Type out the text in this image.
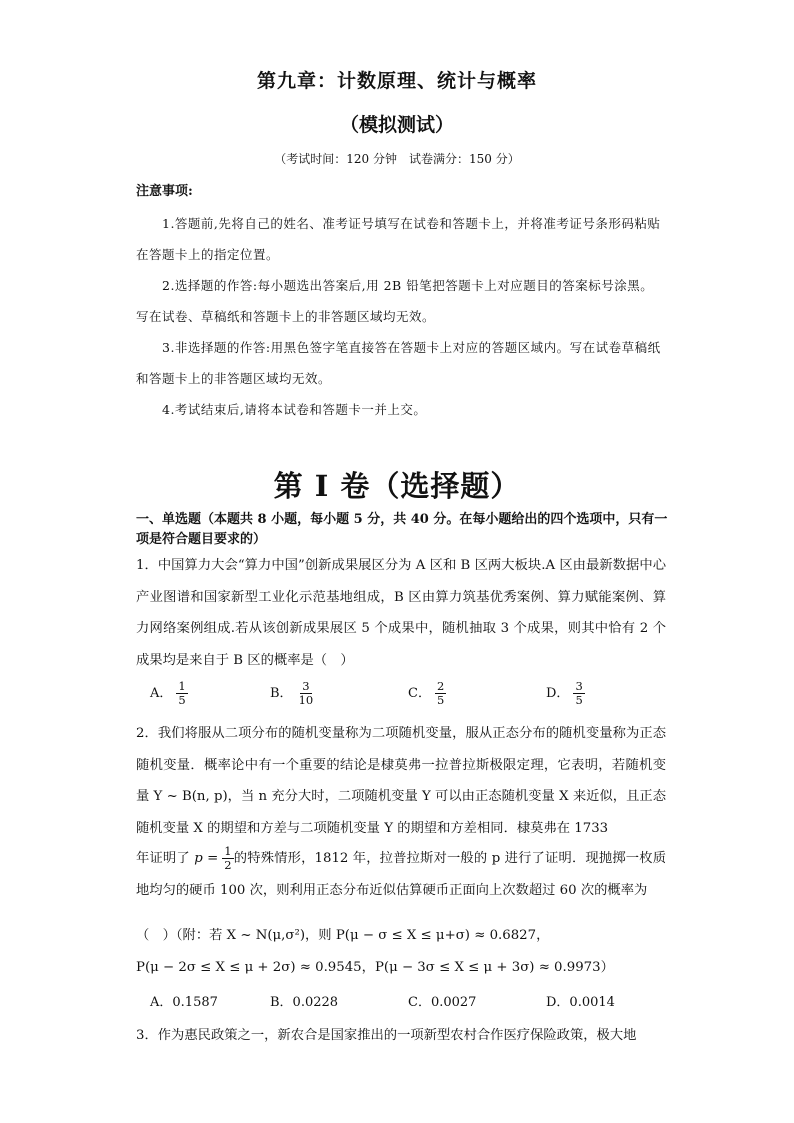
第九章：计数原理、统计与概率
（模拟测试）
（考试时间：120 分钟　试卷满分：150 分）
注意事项:
1.答题前,先将自己的姓名、准考证号填写在试卷和答题卡上，并将准考证号条形码粘贴在答题卡上的指定位置。
2.选择题的作答:每小题选出答案后,用 2B 铅笔把答题卡上对应题目的答案标号涂黑。写在试卷、草稿纸和答题卡上的非答题区域均无效。
3.非选择题的作答:用黑色签字笔直接答在答题卡上对应的答题区域内。写在试卷草稿纸和答题卡上的非答题区域均无效。
4.考试结束后,请将本试卷和答题卡一并上交。
第 I 卷（选择题）
一、单选题（本题共 8 小题，每小题 5 分，共 40 分。在每小题给出的四个选项中，只有一项是符合题目要求的）
1．中国算力大会“算力中国”创新成果展区分为 A 区和 B 区两大板块.A 区由最新数据中心产业图谱和国家新型工业化示范基地组成，B 区由算力筑基优秀案例、算力赋能案例、算力网络案例组成.若从该创新成果展区 5 个成果中，随机抽取 3 个成果，则其中恰有 2 个成果均是来自于 B 区的概率是（　）
A． $\frac{1}{5}$	B． $\frac{3}{10}$	C． $\frac{2}{5}$	D． $\frac{3}{5}$
2．我们将服从二项分布的随机变量称为二项随机变量，服从正态分布的随机变量称为正态随机变量．概率论中有一个重要的结论是棣莫弗一拉普拉斯极限定理，它表明，若随机变量 Y ~ B(n, p)，当 n 充分大时，二项随机变量 Y 可以由正态随机变量 X 来近似，且正态随机变量 X 的期望和方差与二项随机变量 Y 的期望和方差相同．棣莫弗在 1733
年证明了 $p = \frac{1}{2}$ 的特殊情形，1812 年，拉普拉斯对一般的 p 进行了证明．现抛掷一枚质地均匀的硬币 100 次，则利用正态分布近似估算硬币正面向上次数超过 60 次的概率为
（　）（附：若 X ~ N(μ,σ²)，则 P(μ − σ ≤ X ≤ μ+σ) ≈ 0.6827，
P(μ − 2σ ≤ X ≤ μ + 2σ) ≈ 0.9545，P(μ − 3σ ≤ X ≤ μ + 3σ) ≈ 0.9973）
A．0.1587	B．0.0228	C．0.0027	D．0.0014
3．作为惠民政策之一，新农合是国家推出的一项新型农村合作医疗保险政策，极大地
